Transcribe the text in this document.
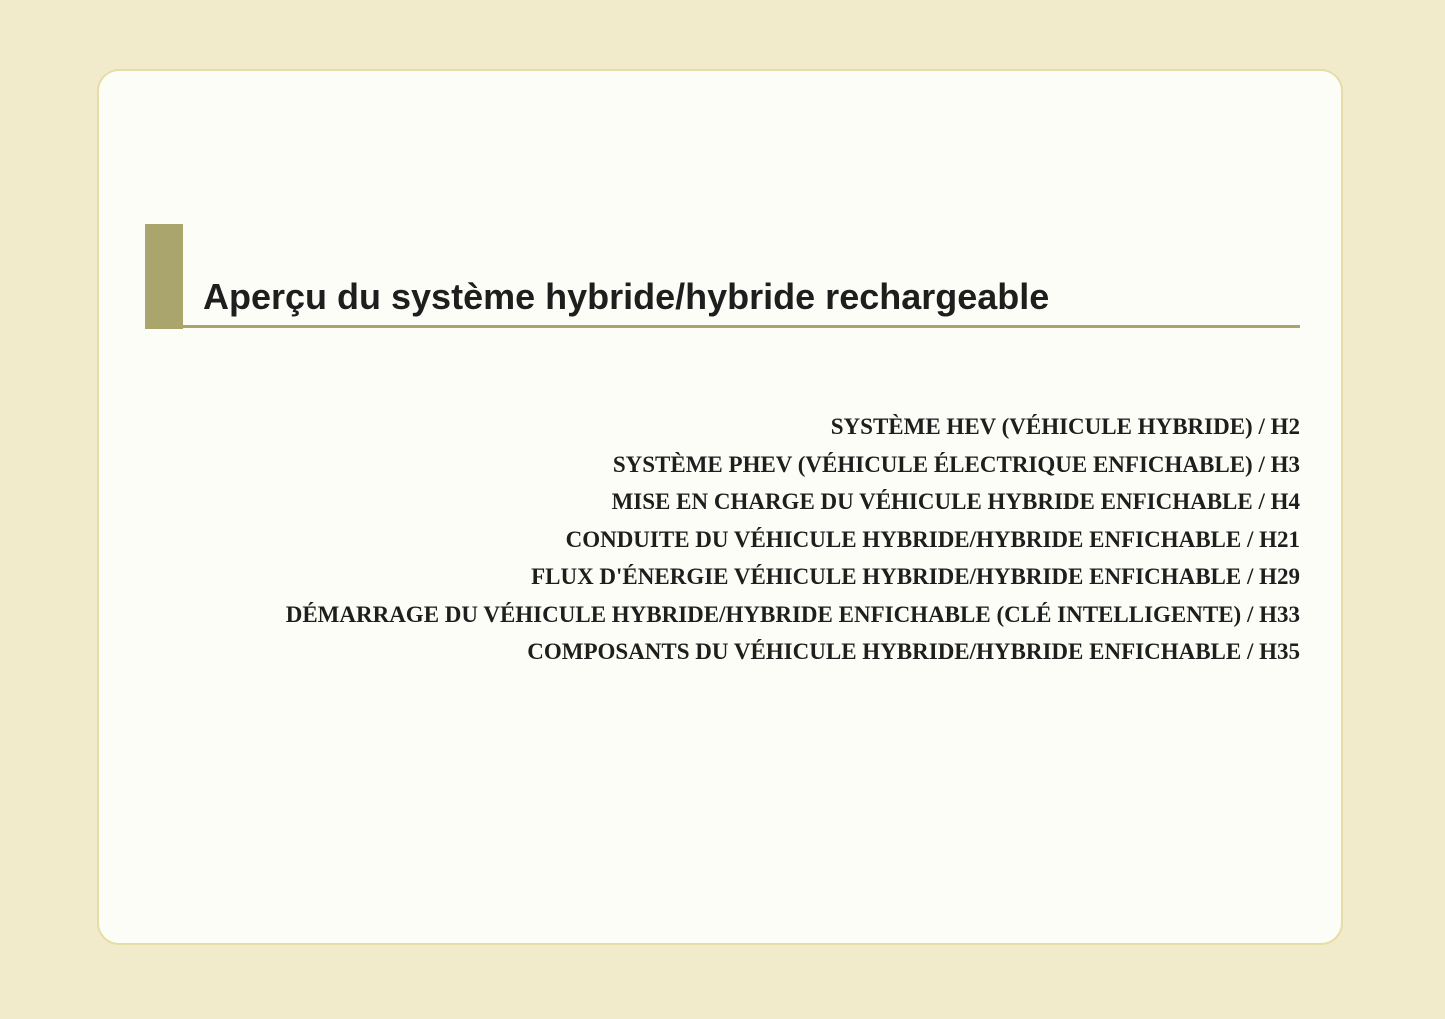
Aperçu du système hybride/hybride rechargeable
SYSTÈME HEV (VÉHICULE HYBRIDE) / H2
SYSTÈME PHEV (VÉHICULE ÉLECTRIQUE ENFICHABLE) / H3
MISE EN CHARGE DU VÉHICULE HYBRIDE ENFICHABLE / H4
CONDUITE DU VÉHICULE HYBRIDE/HYBRIDE ENFICHABLE / H21
FLUX D'ÉNERGIE VÉHICULE HYBRIDE/HYBRIDE ENFICHABLE / H29
DÉMARRAGE DU VÉHICULE HYBRIDE/HYBRIDE ENFICHABLE (CLÉ INTELLIGENTE) / H33
COMPOSANTS DU VÉHICULE HYBRIDE/HYBRIDE ENFICHABLE / H35
